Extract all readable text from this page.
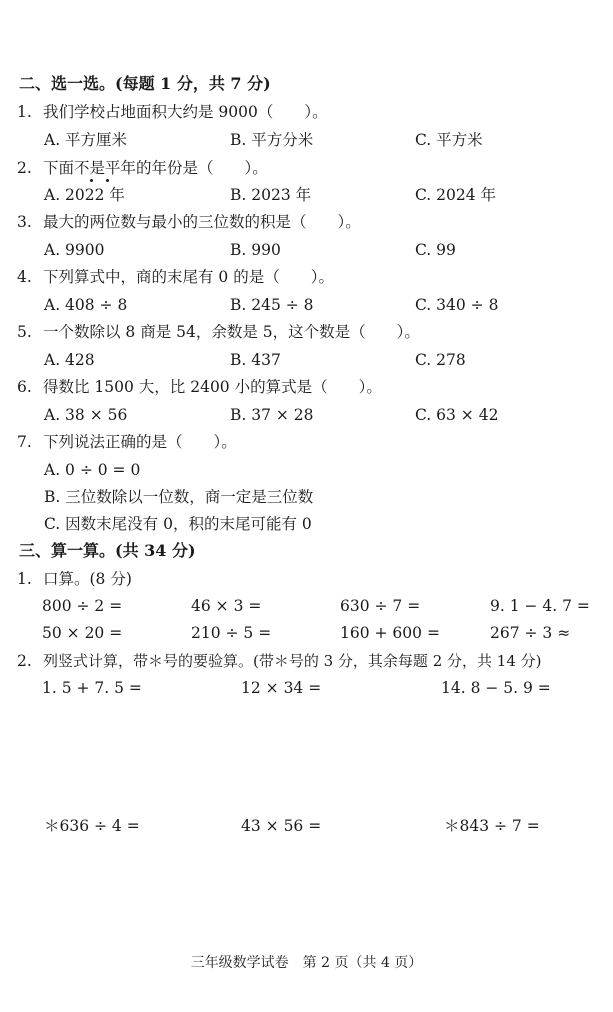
二、选一选。(每题 1 分，共 7 分)
1. 我们学校占地面积大约是 9000（　　）。
A. 平方厘米	B. 平方分米	C. 平方米
2. 下面不是平年的年份是（　　）。
A. 2022 年	B. 2023 年	C. 2024 年
3. 最大的两位数与最小的三位数的积是（　　）。
A. 9900	B. 990	C. 99
4. 下列算式中，商的末尾有 0 的是（　　）。
A. 408 ÷ 8	B. 245 ÷ 8	C. 340 ÷ 8
5. 一个数除以 8 商是 54，余数是 5，这个数是（　　）。
A. 428	B. 437	C. 278
6. 得数比 1500 大，比 2400 小的算式是（　　）。
A. 38 × 56	B. 37 × 28	C. 63 × 42
7. 下列说法正确的是（　　）。
A. 0 ÷ 0 = 0
B. 三位数除以一位数，商一定是三位数
C. 因数末尾没有 0，积的末尾可能有 0
三、算一算。(共 34 分)
1. 口算。(8 分)
800 ÷ 2 =	46 × 3 =	630 ÷ 7 =	9. 1 − 4. 7 =
50 × 20 =	210 ÷ 5 =	160 + 600 =	267 ÷ 3 ≈
2. 列竖式计算，带＊号的要验算。(带＊号的 3 分，其余每题 2 分，共 14 分)
1. 5 + 7. 5 =	12 × 34 =	14. 8 − 5. 9 =
＊636 ÷ 4 =	43 × 56 =	＊843 ÷ 7 =
三年级数学试卷　第 2 页（共 4 页）
